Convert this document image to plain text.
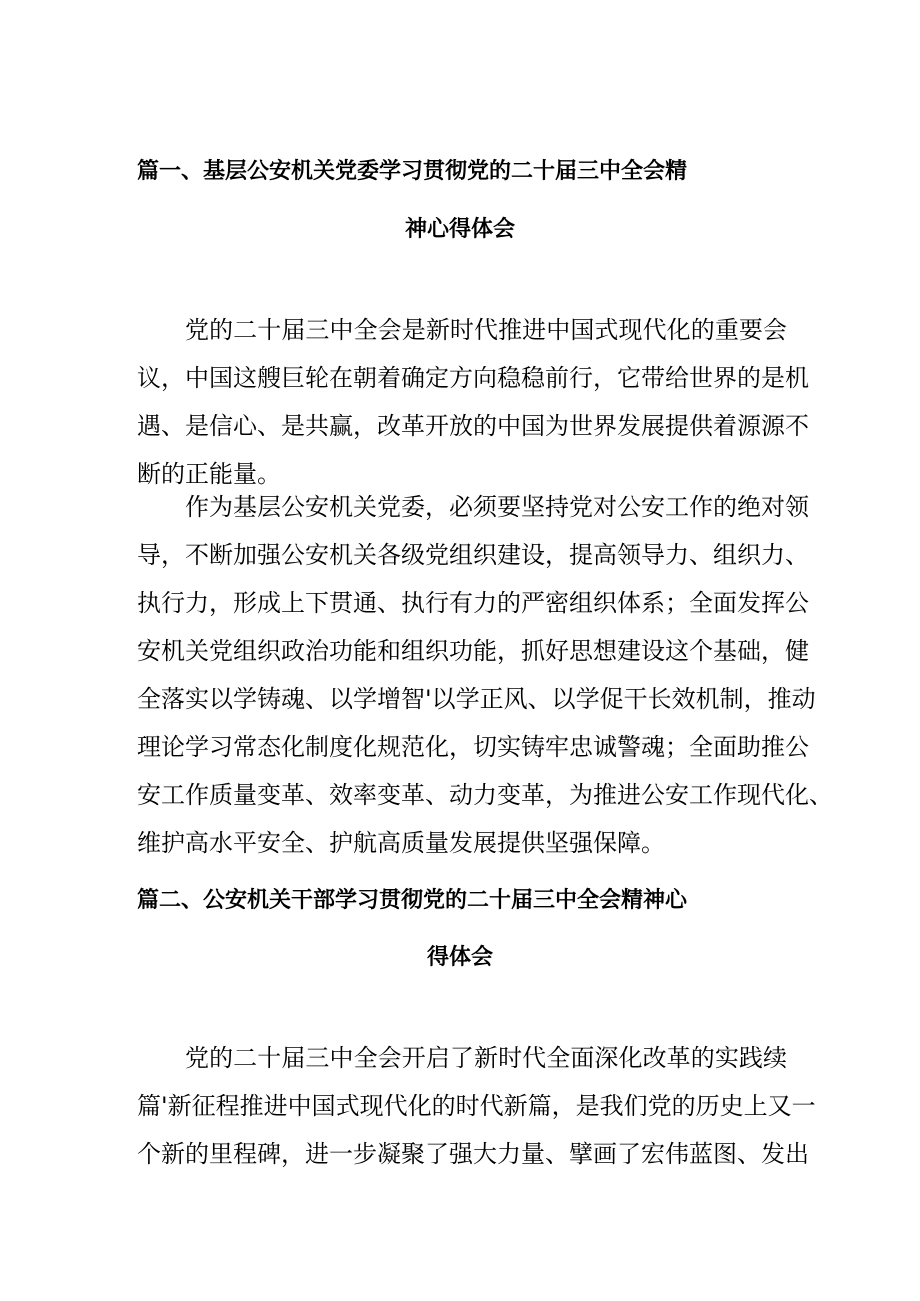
篇一、基层公安机关党委学习贯彻党的二十届三中全会精
神心得体会
党的二十届三中全会是新时代推进中国式现代化的重要会
议，中国这艘巨轮在朝着确定方向稳稳前行，它带给世界的是机
遇、是信心、是共赢，改革开放的中国为世界发展提供着源源不
断的正能量。
作为基层公安机关党委，必须要坚持党对公安工作的绝对领
导，不断加强公安机关各级党组织建设，提高领导力、组织力、
执行力，形成上下贯通、执行有力的严密组织体系；全面发挥公
安机关党组织政治功能和组织功能，抓好思想建设这个基础，健
全落实以学铸魂、以学增智'以学正风、以学促干长效机制，推动
理论学习常态化制度化规范化，切实铸牢忠诚警魂；全面助推公
安工作质量变革、效率变革、动力变革，为推进公安工作现代化、
维护高水平安全、护航高质量发展提供坚强保障。
篇二、公安机关干部学习贯彻党的二十届三中全会精神心
得体会
党的二十届三中全会开启了新时代全面深化改革的实践续
篇'新征程推进中国式现代化的时代新篇，是我们党的历史上又一
个新的里程碑，进一步凝聚了强大力量、擘画了宏伟蓝图、发出
